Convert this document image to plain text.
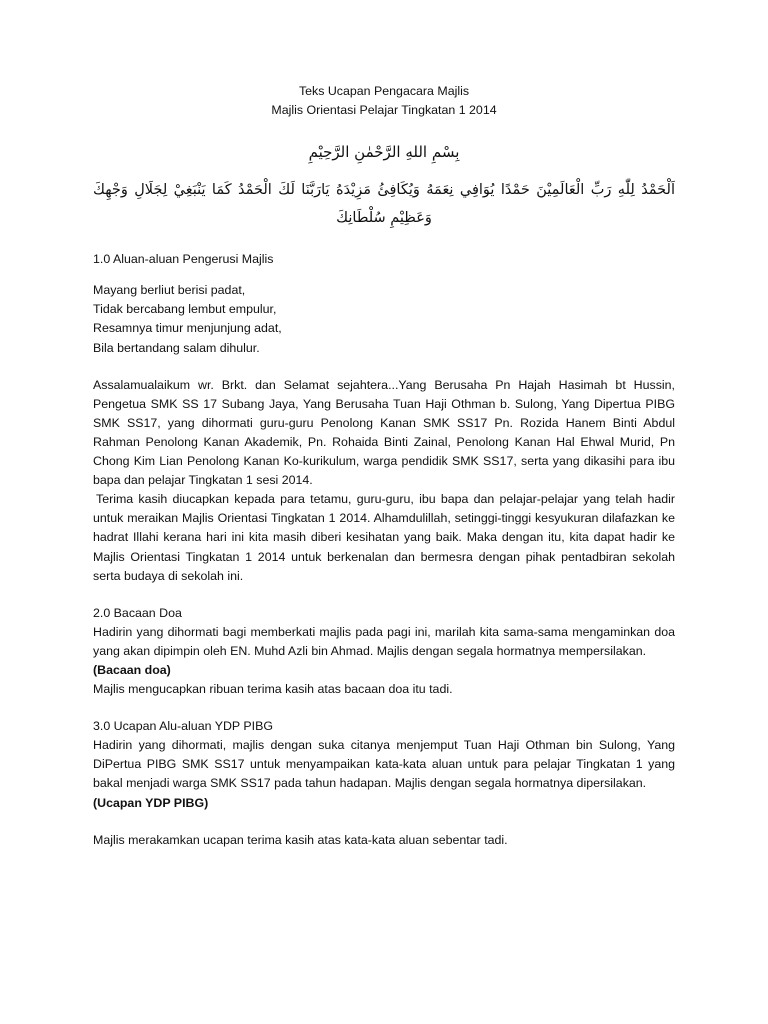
Teks Ucapan Pengacara Majlis

Majlis Orientasi Pelajar Tingkatan 1 2014

بِسْمِ اللهِ الرَّحْمٰنِ الرَّحِيْمِ
اَلْحَمْدُ لِلّٰهِ رَبِّ الْعَالَمِيْنَ حَمْدًا يُوَافِي نِعَمَهُ وَيُكَافِئُ مَزِيْدَهُ يَارَبَّنَا لَكَ الْحَمْدُ كَمَا يَنْبَغِيْ لِجَلَالِ وَجْهِكَ وَعَظِيْمِ سُلْطَانِكَ

1.0 Aluan-aluan Pengerusi Majlis

Mayang berliut berisi padat,

Tidak bercabang lembut empulur,

Resamnya timur menjunjung adat,

Bila bertandang salam dihulur.

Assalamualaikum wr. Brkt. dan Selamat sejahtera...Yang Berusaha Pn Hajah Hasimah bt Hussin, Pengetua SMK SS 17 Subang Jaya, Yang Berusaha Tuan Haji Othman b. Sulong, Yang Dipertua PIBG SMK SS17, yang dihormati guru-guru Penolong Kanan SMK SS17 Pn. Rozida Hanem Binti Abdul Rahman Penolong Kanan Akademik, Pn. Rohaida Binti Zainal, Penolong Kanan Hal Ehwal Murid, Pn Chong Kim Lian Penolong Kanan Ko-kurikulum, warga pendidik SMK SS17, serta yang dikasihi para ibu bapa dan pelajar Tingkatan 1 sesi 2014.

Terima kasih diucapkan kepada para tetamu, guru-guru, ibu bapa dan pelajar-pelajar yang telah hadir untuk meraikan Majlis Orientasi Tingkatan 1 2014. Alhamdulillah, setinggi-tinggi kesyukuran dilafazkan ke hadrat Illahi kerana hari ini kita masih diberi kesihatan yang baik. Maka dengan itu, kita dapat hadir ke Majlis Orientasi Tingkatan 1 2014 untuk berkenalan dan bermesra dengan pihak pentadbiran sekolah serta budaya di sekolah ini.

2.0 Bacaan Doa

Hadirin yang dihormati bagi memberkati majlis pada pagi ini, marilah kita sama-sama mengaminkan doa yang akan dipimpin oleh EN. Muhd Azli bin Ahmad. Majlis dengan segala hormatnya mempersilakan.

(Bacaan doa)

Majlis mengucapkan ribuan terima kasih atas bacaan doa itu tadi.

3.0 Ucapan Alu-aluan YDP PIBG

Hadirin yang dihormati, majlis dengan suka citanya menjemput Tuan Haji Othman bin Sulong, Yang DiPertua PIBG SMK SS17 untuk menyampaikan kata-kata aluan untuk para pelajar Tingkatan 1 yang bakal menjadi warga SMK SS17 pada tahun hadapan. Majlis dengan segala hormatnya dipersilakan.

(Ucapan YDP PIBG)

Majlis merakamkan ucapan terima kasih atas kata-kata aluan sebentar tadi.
